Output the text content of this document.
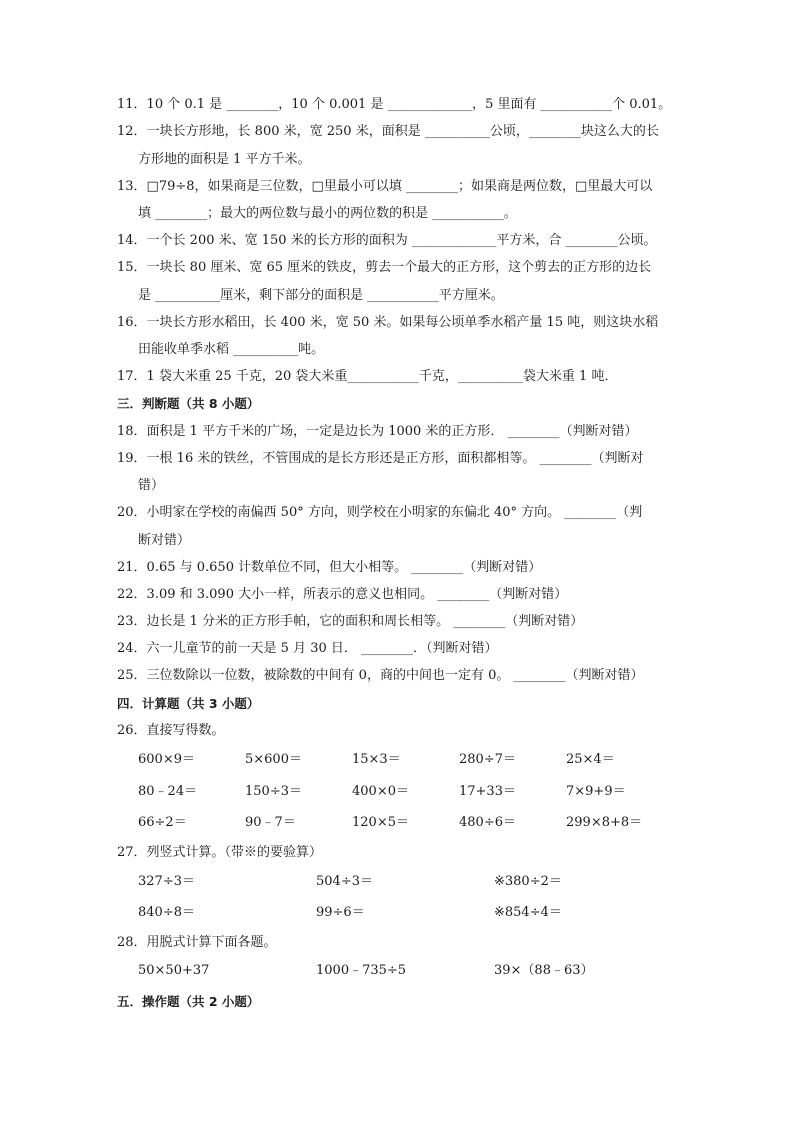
11．10 个 0.1 是 ________，10 个 0.001 是 _____________，5 里面有 ___________个 0.01。
12．一块长方形地，长 800 米，宽 250 米，面积是 __________公顷，________块这么大的长
方形地的面积是 1 平方千米。
13．□79÷8，如果商是三位数，□里最小可以填 ________；如果商是两位数，□里最大可以
填 ________；最大的两位数与最小的两位数的积是 ___________。
14．一个长 200 米、宽 150 米的长方形的面积为 _____________平方米，合 ________公顷。
15．一块长 80 厘米、宽 65 厘米的铁皮，剪去一个最大的正方形，这个剪去的正方形的边长
是 __________厘米，剩下部分的面积是 ___________平方厘米。
16．一块长方形水稻田，长 400 米，宽 50 米。如果每公顷单季水稻产量 15 吨，则这块水稻
田能收单季水稻 __________吨。
17．1 袋大米重 25 千克，20 袋大米重___________千克，__________袋大米重 1 吨．
三．判断题（共 8 小题）
18．面积是 1 平方千米的广场，一定是边长为 1000 米的正方形． ________（判断对错）
19．一根 16 米的铁丝，不管围成的是长方形还是正方形，面积都相等。 ________（判断对
错）
20．小明家在学校的南偏西 50° 方向，则学校在小明家的东偏北 40° 方向。 ________（判
断对错）
21．0.65 与 0.650 计数单位不同，但大小相等。 ________（判断对错）
22．3.09 和 3.090 大小一样，所表示的意义也相同。 ________（判断对错）
23．边长是 1 分米的正方形手帕，它的面积和周长相等。 ________（判断对错）
24．六一儿童节的前一天是 5 月 30 日． ________．（判断对错）
25．三位数除以一位数，被除数的中间有 0，商的中间也一定有 0。 ________（判断对错）
四．计算题（共 3 小题）
26．直接写得数。
600×9＝	5×600＝	15×3＝	280÷7＝	25×4＝
80﹣24＝	150÷3＝	400×0＝	17+33＝	7×9+9＝
66÷2＝	90﹣7＝	120×5＝	480÷6＝	299×8+8＝
27．列竖式计算。（带※的要验算）
327÷3＝	504÷3＝	※380÷2＝
840÷8＝	99÷6＝	※854÷4＝
28．用脱式计算下面各题。
50×50+37	1000﹣735÷5	39×（88﹣63）
五．操作题（共 2 小题）
